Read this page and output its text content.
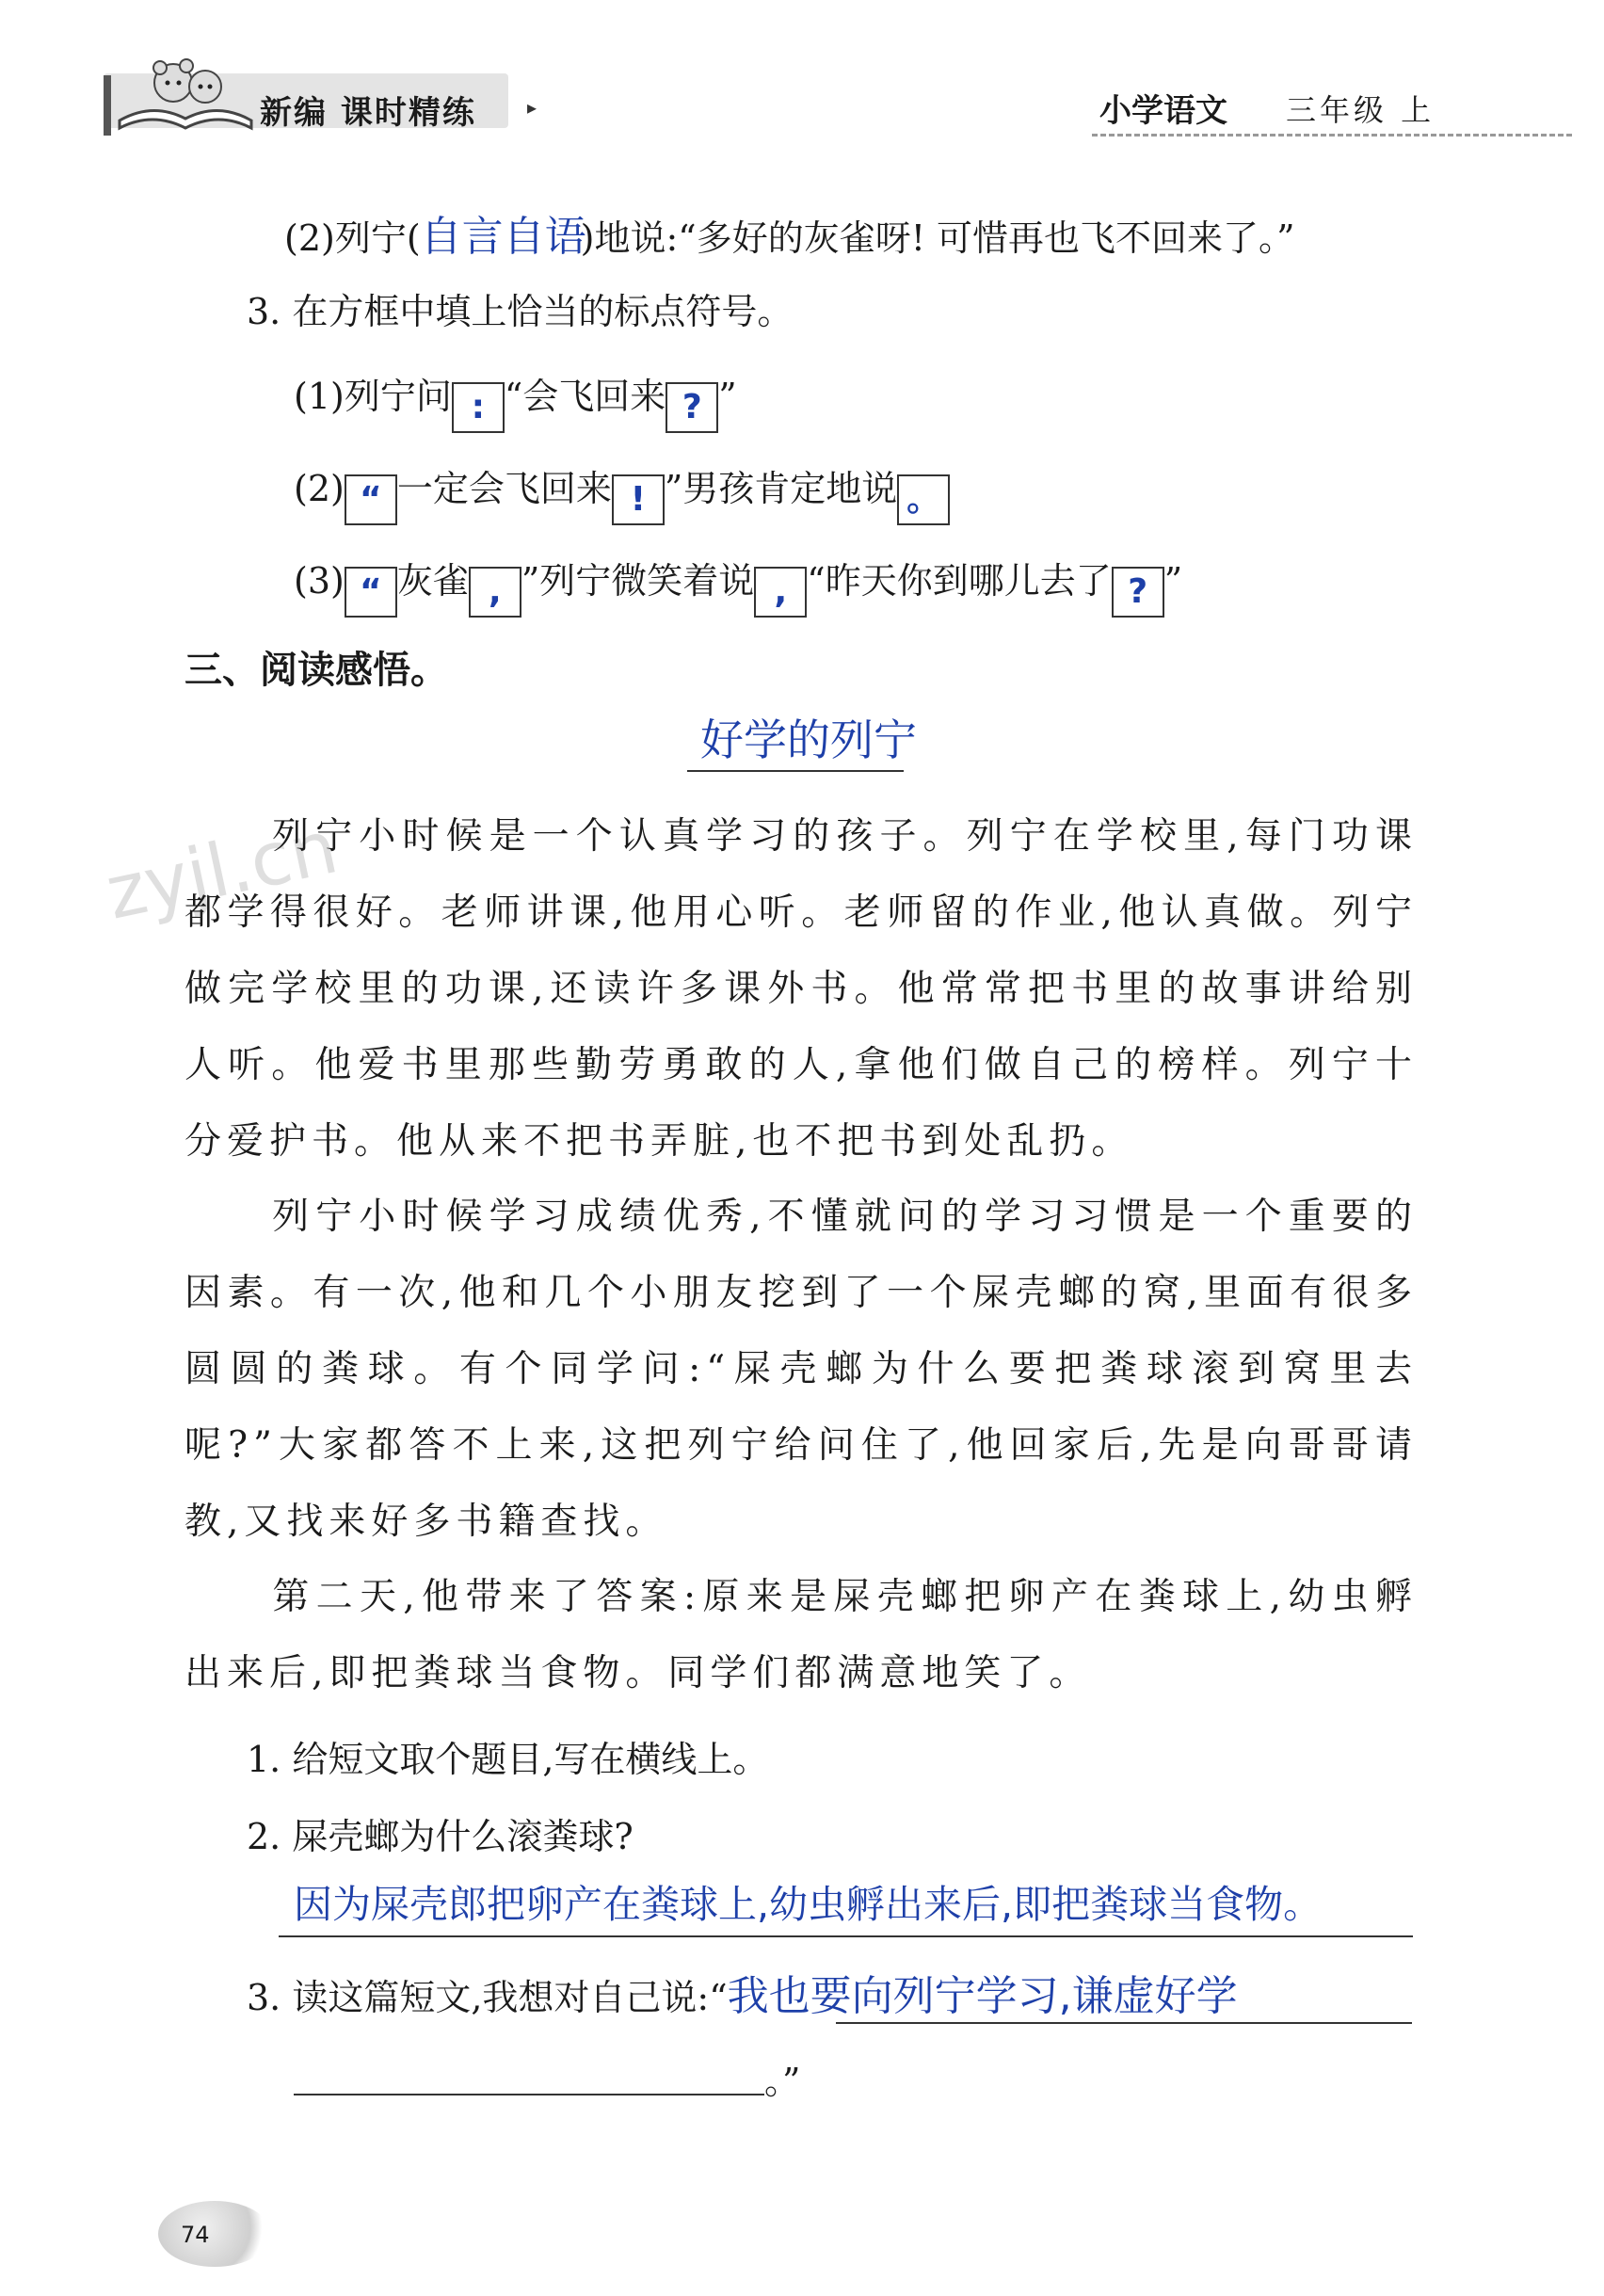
新编 课时精练	▸	小学语文 三年级 上
(2)列宁(自言自语)地说:“多好的灰雀呀! 可惜再也飞不回来了。”
3. 在方框中填上恰当的标点符号。
(1)列宁问 : “会飞回来 ? ”
(2) “ 一定会飞回来 ! ”男孩肯定地说 。
(3) “ 灰雀 , ”列宁微笑着说 , “昨天你到哪儿去了 ? ”
三、阅读感悟。
好学的列宁
zyjl.cn
列宁小时候是一个认真学习的孩子。列宁在学校里,每门功课都学得很好。老师讲课,他用心听。老师留的作业,他认真做。列宁做完学校里的功课,还读许多课外书。他常常把书里的故事讲给别人听。他爱书里那些勤劳勇敢的人,拿他们做自己的榜样。列宁十分爱护书。他从来不把书弄脏,也不把书到处乱扔。
列宁小时候学习成绩优秀,不懂就问的学习习惯是一个重要的因素。有一次,他和几个小朋友挖到了一个屎壳螂的窝,里面有很多圆圆的粪球。有个同学问:“屎壳螂为什么要把粪球滚到窝里去呢?”大家都答不上来,这把列宁给问住了,他回家后,先是向哥哥请教,又找来好多书籍查找。
第二天,他带来了答案:原来是屎壳螂把卵产在粪球上,幼虫孵出来后,即把粪球当食物。同学们都满意地笑了。
1. 给短文取个题目,写在横线上。
2. 屎壳螂为什么滚粪球?
因为屎壳郎把卵产在粪球上,幼虫孵出来后,即把粪球当食物。
3. 读这篇短文,我想对自己说:“我也要向列宁学习,谦虚好学
。”
74
